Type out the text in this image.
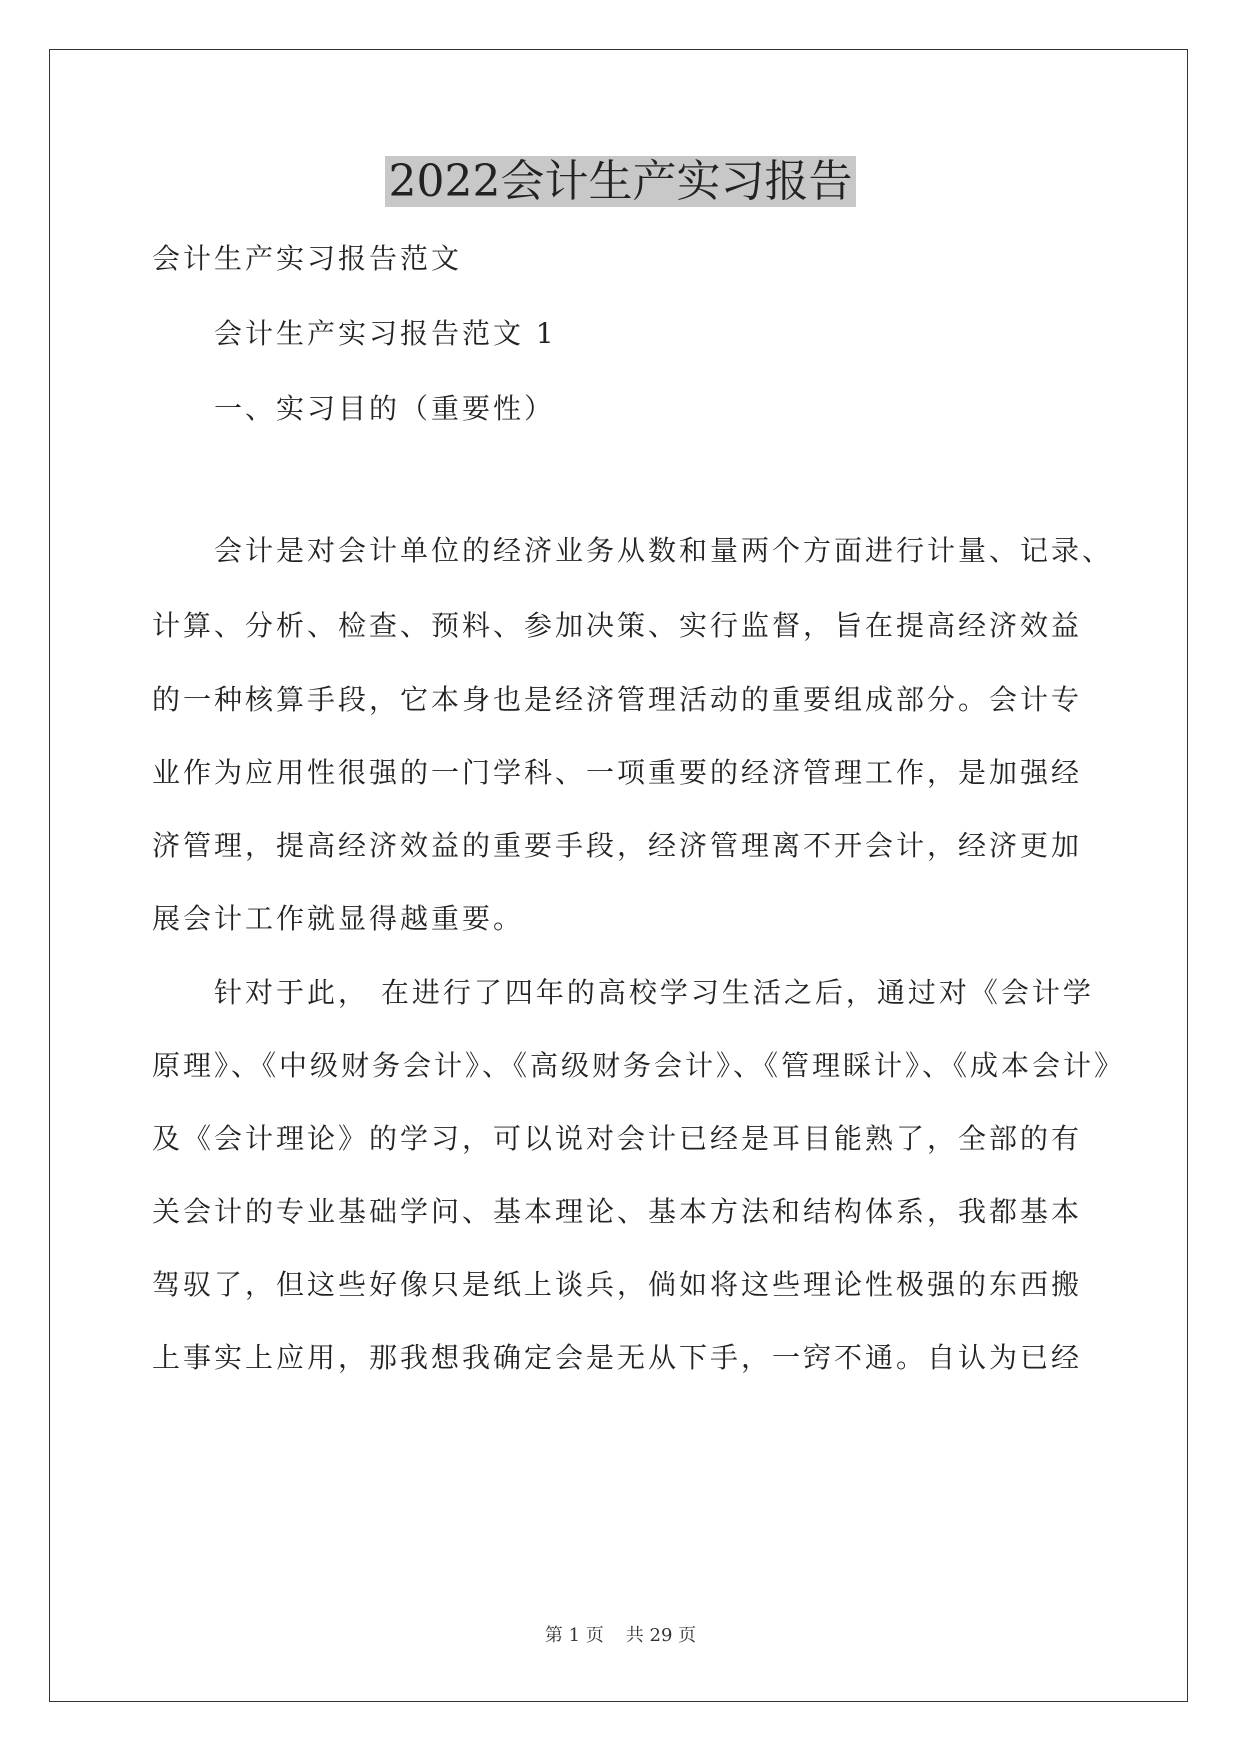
2022会计生产实习报告

会计生产实习报告范文

会计生产实习报告范文 1

一、实习目的（重要性）

会计是对会计单位的经济业务从数和量两个方面进行计量、记录、

计算、分析、检查、预料、参加决策、实行监督，旨在提高经济效益

的一种核算手段，它本身也是经济管理活动的重要组成部分。会计专

业作为应用性很强的一门学科、一项重要的经济管理工作，是加强经

济管理，提高经济效益的重要手段，经济管理离不开会计，经济更加

展会计工作就显得越重要。

针对于此， 在进行了四年的高校学习生活之后，通过对《会计学

原理》、《中级财务会计》、《高级财务会计》、《管理睬计》、《成本会计》

及《会计理论》的学习，可以说对会计已经是耳目能熟了，全部的有

关会计的专业基础学问、基本理论、基本方法和结构体系，我都基本

驾驭了，但这些好像只是纸上谈兵，倘如将这些理论性极强的东西搬

上事实上应用，那我想我确定会是无从下手，一窍不通。自认为已经

第 1 页 共 29 页
